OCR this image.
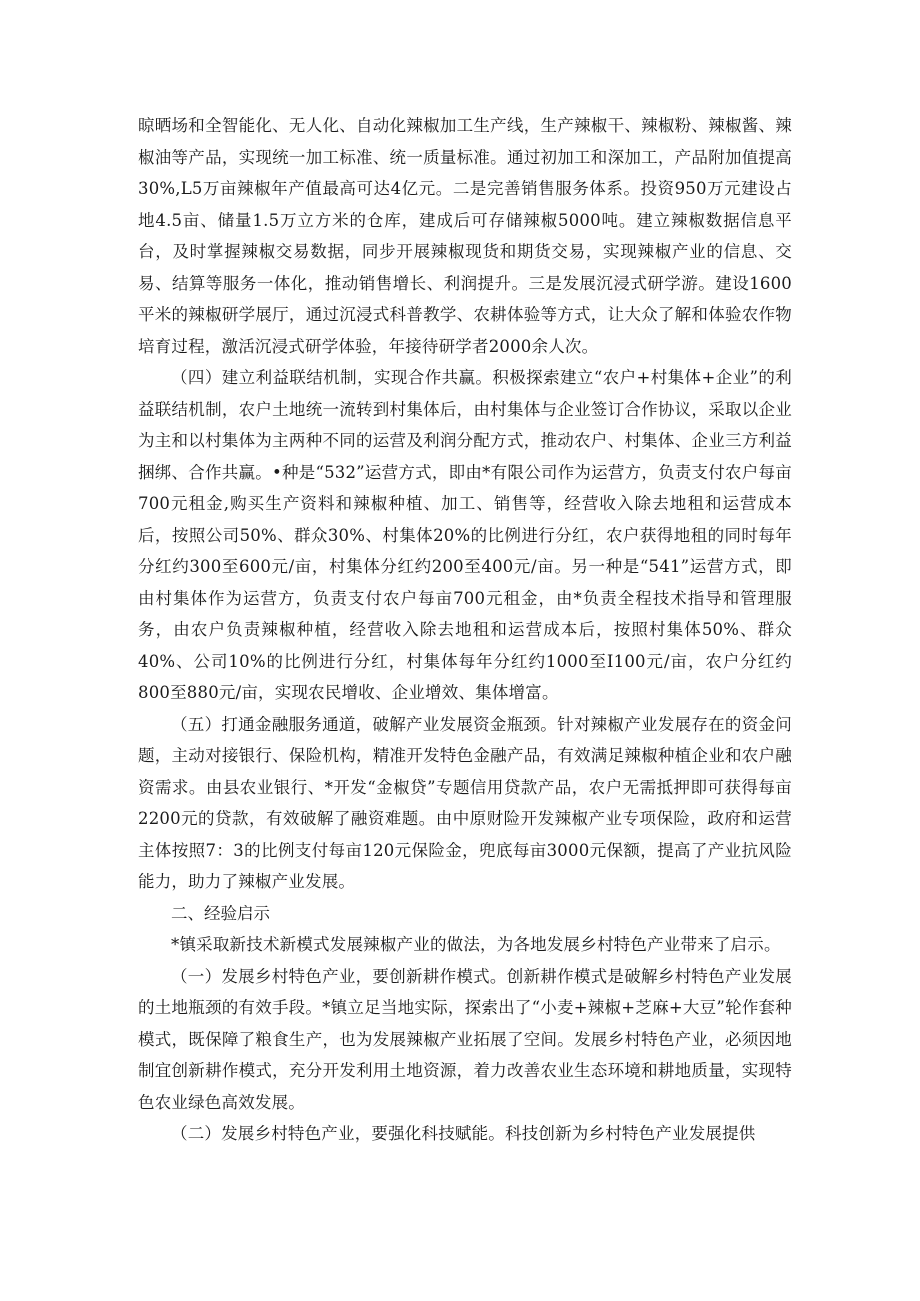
晾晒场和全智能化、无人化、自动化辣椒加工生产线，生产辣椒干、辣椒粉、辣椒酱、辣椒油等产品，实现统一加工标准、统一质量标准。通过初加工和深加工，产品附加值提高30%,L5万亩辣椒年产值最高可达4亿元。二是完善销售服务体系。投资950万元建设占地4.5亩、储量1.5万立方米的仓库，建成后可存储辣椒5000吨。建立辣椒数据信息平台，及时掌握辣椒交易数据，同步开展辣椒现货和期货交易，实现辣椒产业的信息、交易、结算等服务一体化，推动销售增长、利润提升。三是发展沉浸式研学游。建设1600平米的辣椒研学展厅，通过沉浸式科普教学、农耕体验等方式，让大众了解和体验农作物培育过程，激活沉浸式研学体验，年接待研学者2000余人次。

（四）建立利益联结机制，实现合作共赢。积极探索建立“农户+村集体+企业”的利益联结机制，农户土地统一流转到村集体后，由村集体与企业签订合作协议，采取以企业为主和以村集体为主两种不同的运营及利润分配方式，推动农户、村集体、企业三方利益捆绑、合作共赢。•种是“532”运营方式，即由*有限公司作为运营方，负责支付农户每亩700元租金,购买生产资料和辣椒种植、加工、销售等，经营收入除去地租和运营成本后，按照公司50%、群众30%、村集体20%的比例进行分红，农户获得地租的同时每年分红约300至600元/亩，村集体分红约200至400元/亩。另一种是“541”运营方式，即由村集体作为运营方，负责支付农户每亩700元租金，由*负责全程技术指导和管理服务，由农户负责辣椒种植，经营收入除去地租和运营成本后，按照村集体50%、群众40%、公司10%的比例进行分红，村集体每年分红约1000至I100元/亩，农户分红约800至880元/亩，实现农民增收、企业增效、集体增富。

（五）打通金融服务通道，破解产业发展资金瓶颈。针对辣椒产业发展存在的资金问题，主动对接银行、保险机构，精准开发特色金融产品，有效满足辣椒种植企业和农户融资需求。由县农业银行、*开发“金椒贷”专题信用贷款产品，农户无需抵押即可获得每亩2200元的贷款，有效破解了融资难题。由中原财险开发辣椒产业专项保险，政府和运营主体按照7：3的比例支付每亩120元保险金，兜底每亩3000元保额，提高了产业抗风险能力，助力了辣椒产业发展。

二、经验启示

*镇采取新技术新模式发展辣椒产业的做法，为各地发展乡村特色产业带来了启示。

（一）发展乡村特色产业，要创新耕作模式。创新耕作模式是破解乡村特色产业发展的土地瓶颈的有效手段。*镇立足当地实际，探索出了“小麦+辣椒+芝麻+大豆”轮作套种模式，既保障了粮食生产，也为发展辣椒产业拓展了空间。发展乡村特色产业，必须因地制宜创新耕作模式，充分开发利用土地资源，着力改善农业生态环境和耕地质量，实现特色农业绿色高效发展。

（二）发展乡村特色产业，要强化科技赋能。科技创新为乡村特色产业发展提供
